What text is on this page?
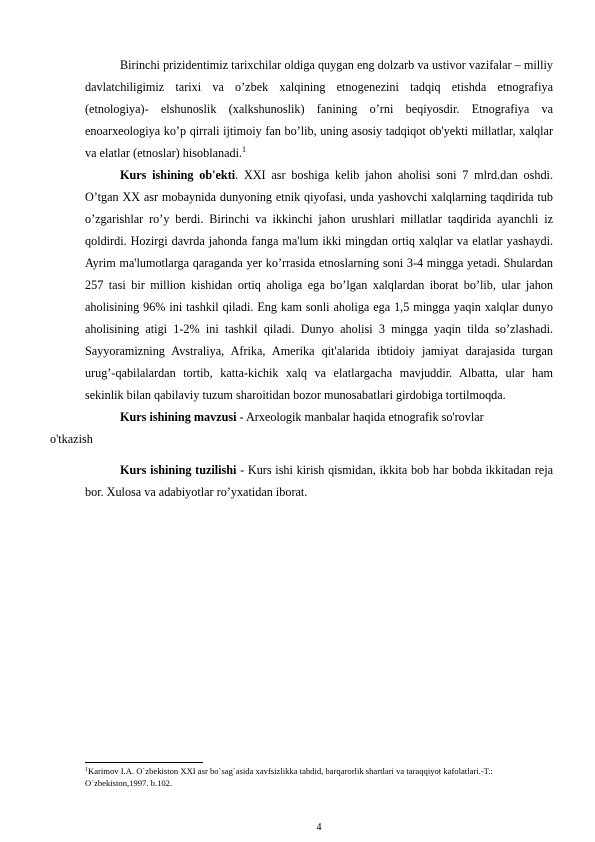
Birinchi prizidentimiz tarixchilar oldiga quygan eng dolzarb va ustivor vazifalar – milliy davlatchiligimiz tarixi va o’zbek xalqining etnogenezini tadqiq etishda etnografiya (etnologiya)- elshunoslik (xalkshunoslik) fanining o’rni beqiyosdir. Etnografiya va enoarxeologiya ko’p qirrali ijtimoiy fan bo’lib, uning asosiy tadqiqot ob'yekti millatlar, xalqlar va elatlar (etnoslar) hisoblanadi.$^1$

Kurs ishining ob'ekti. XXI asr boshiga kelib jahon aholisi soni 7 mlrd.dan oshdi. O’tgan XX asr mobaynida dunyoning etnik qiyofasi, unda yashovchi xalqlarning taqdirida tub o’zgarishlar ro’y berdi. Birinchi va ikkinchi jahon urushlari millatlar taqdirida ayanchli iz qoldirdi. Hozirgi davrda jahonda fanga ma'lum ikki mingdan ortiq xalqlar va elatlar yashaydi. Ayrim ma'lumotlarga qaraganda yer ko’rrasida etnoslarning soni 3-4 mingga yetadi. Shulardan 257 tasi bir million kishidan ortiq aholiga ega bo’lgan xalqlardan iborat bo’lib, ular jahon aholisining 96% ini tashkil qiladi. Eng kam sonli aholiga ega 1,5 mingga yaqin xalqlar dunyo aholisining atigi 1-2% ini tashkil qiladi. Dunyo aholisi 3 mingga yaqin tilda so’zlashadi. Sayyoramizning Avstraliya, Afrika, Amerika qit'alarida ibtidoiy jamiyat darajasida turgan urug’-qabilalardan tortib, katta-kichik xalq va elatlargacha mavjuddir. Albatta, ular ham sekinlik bilan qabilaviy tuzum sharoitidan bozor munosabatlari girdobiga tortilmoqda.

Kurs ishining mavzusi - Arxeologik manbalar haqida etnografik so'rovlar
o'tkazish

Kurs ishining tuzilishi - Kurs ishi kirish qismidan, ikkita bob har bobda ikkitadan reja bor. Xulosa va adabiyotlar ro’yxatidan iborat.

$^1$Karimov I.A. O`zbekiston XXI asr bo`sag`asida xavfsizlikka tahdid, barqarorlik shartlari va taraqqiyot kafolatlari.-T.: O`zbekiston,1997. b.102.
4
